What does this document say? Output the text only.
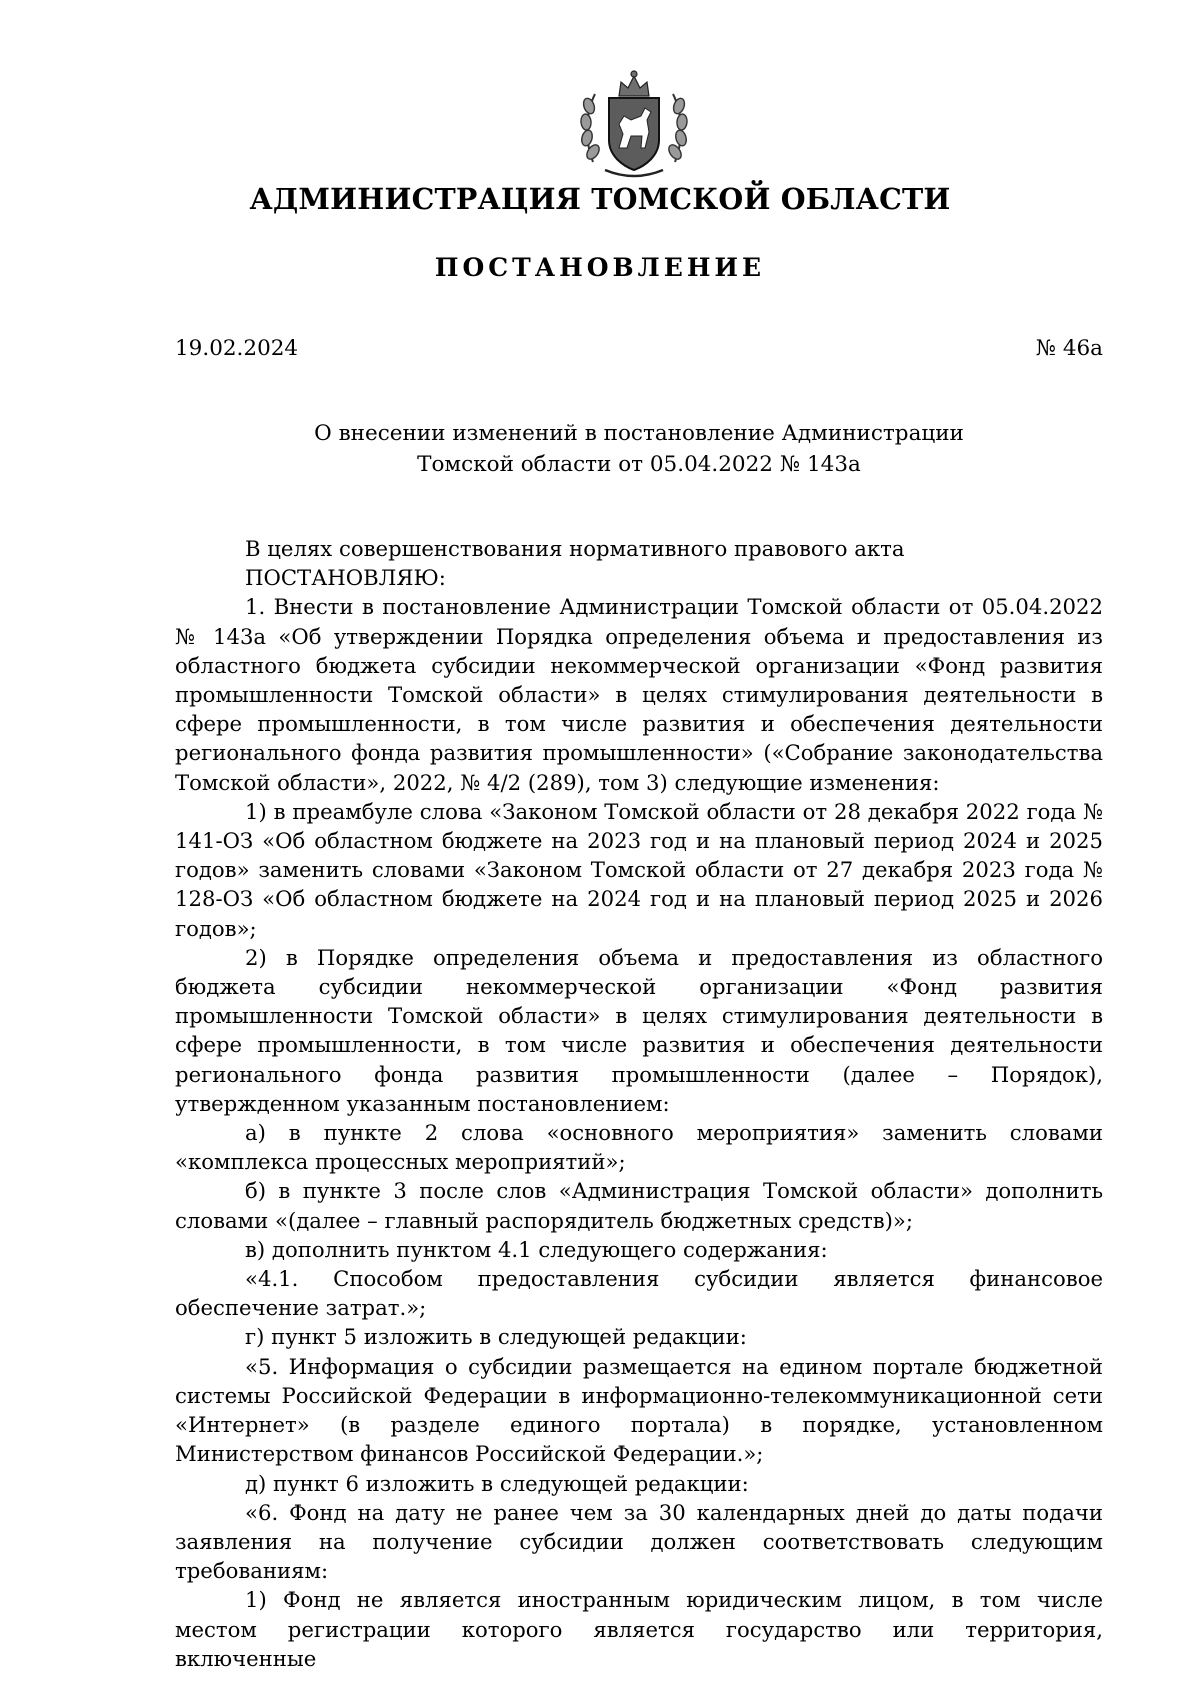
АДМИНИСТРАЦИЯ ТОМСКОЙ ОБЛАСТИ
ПОСТАНОВЛЕНИЕ
19.02.2024	№ 46а
О внесении изменений в постановление Администрации
Томской области от 05.04.2022 № 143а

В целях совершенствования нормативного правового акта

ПОСТАНОВЛЯЮ:

1. Внести в постановление Администрации Томской области от 05.04.2022 № 143а «Об утверждении Порядка определения объема и предоставления из областного бюджета субсидии некоммерческой организации «Фонд развития промышленности Томской области» в целях стимулирования деятельности в сфере промышленности, в том числе развития и обеспечения деятельности регионального фонда развития промышленности» («Собрание законодательства Томской области», 2022, № 4/2 (289), том 3) следующие изменения:

1) в преамбуле слова «Законом Томской области от 28 декабря 2022 года № 141-ОЗ «Об областном бюджете на 2023 год и на плановый период 2024 и 2025 годов» заменить словами «Законом Томской области от 27 декабря 2023 года № 128-ОЗ «Об областном бюджете на 2024 год и на плановый период 2025 и 2026 годов»;

2) в Порядке определения объема и предоставления из областного бюджета субсидии некоммерческой организации «Фонд развития промышленности Томской области» в целях стимулирования деятельности в сфере промышленности, в том числе развития и обеспечения деятельности регионального фонда развития промышленности (далее – Порядок), утвержденном указанным постановлением:

а) в пункте 2 слова «основного мероприятия» заменить словами «комплекса процессных мероприятий»;

б) в пункте 3 после слов «Администрация Томской области» дополнить словами «(далее – главный распорядитель бюджетных средств)»;

в) дополнить пунктом 4.1 следующего содержания:

«4.1. Способом предоставления субсидии является финансовое обеспечение затрат.»;

г) пункт 5 изложить в следующей редакции:

«5. Информация о субсидии размещается на едином портале бюджетной системы Российской Федерации в информационно-телекоммуникационной сети «Интернет» (в разделе единого портала) в порядке, установленном Министерством финансов Российской Федерации.»;

д) пункт 6 изложить в следующей редакции:

«6. Фонд на дату не ранее чем за 30 календарных дней до даты подачи заявления на получение субсидии должен соответствовать следующим требованиям:

1) Фонд не является иностранным юридическим лицом, в том числе местом регистрации которого является государство или территория, включенные
